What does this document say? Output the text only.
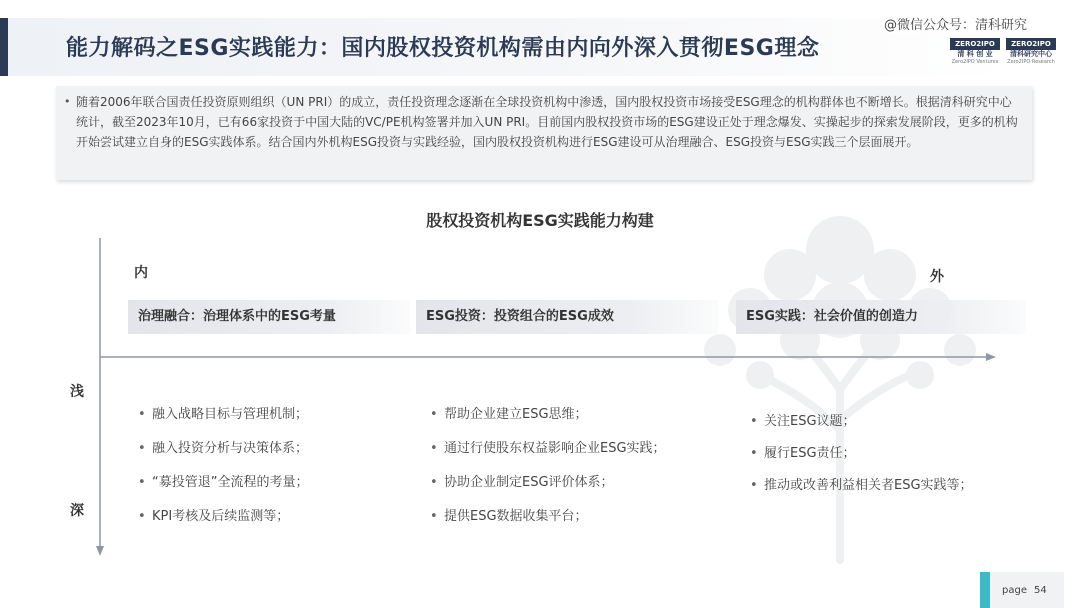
能力解码之ESG实践能力：国内股权投资机构需由内向外深入贯彻ESG理念
@微信公众号：清科研究
ZERO2IPO
清 科 创 业
Zero2IPO Ventures
ZERO2IPO
清科研究中心
Zero2IPO Research
• 随着2006年联合国责任投资原则组织（UN PRI）的成立，责任投资理念逐渐在全球投资机构中渗透，国内股权投资市场接受ESG理念的机构群体也不断增长。根据清科研究中心统计，截至2023年10月，已有66家投资于中国大陆的VC/PE机构签署并加入UN PRI。目前国内股权投资市场的ESG建设正处于理念爆发、实操起步的探索发展阶段，更多的机构开始尝试建立自身的ESG实践体系。结合国内外机构ESG投资与实践经验，国内股权投资机构进行ESG建设可从治理融合、ESG投资与ESG实践三个层面展开。
股权投资机构ESG实践能力构建
内	外
浅
深
治理融合：治理体系中的ESG考量	ESG投资：投资组合的ESG成效	ESG实践：社会价值的创造力
• 融入战略目标与管理机制；
• 融入投资分析与决策体系；
• “募投管退”全流程的考量；
• KPI考核及后续监测等；
• 帮助企业建立ESG思维；
• 通过行使股东权益影响企业ESG实践；
• 协助企业制定ESG评价体系；
• 提供ESG数据收集平台；
• 关注ESG议题；
• 履行ESG责任；
• 推动或改善利益相关者ESG实践等；
page 54
